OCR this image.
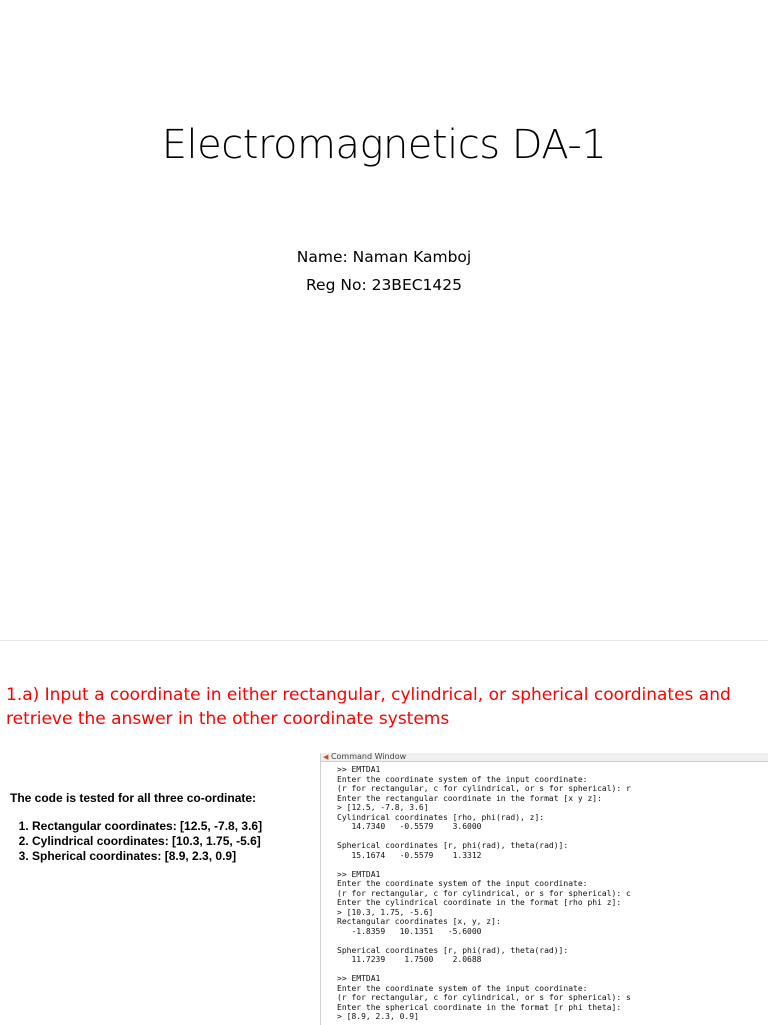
Electromagnetics DA-1
Name: Naman Kamboj
Reg No: 23BEC1425
1.a) Input a coordinate in either rectangular, cylindrical, or spherical coordinates and retrieve the answer in the other coordinate systems
The code is tested for all three co-ordinate:
1. Rectangular coordinates: [12.5, -7.8, 3.6]
2. Cylindrical coordinates: [10.3, 1.75, -5.6]
3. Spherical coordinates: [8.9, 2.3, 0.9]
◀ Command Window
>> EMTDA1
Enter the coordinate system of the input coordinate:
(r for rectangular, c for cylindrical, or s for spherical): r
Enter the rectangular coordinate in the format [x y z]:
> [12.5, -7.8, 3.6]
Cylindrical coordinates [rho, phi(rad), z]:
14.7340   -0.5579    3.6000
Spherical coordinates [r, phi(rad), theta(rad)]:
15.1674   -0.5579    1.3312
>> EMTDA1
Enter the coordinate system of the input coordinate:
(r for rectangular, c for cylindrical, or s for spherical): c
Enter the cylindrical coordinate in the format [rho phi z]:
> [10.3, 1.75, -5.6]
Rectangular coordinates [x, y, z]:
-1.8359   10.1351   -5.6000
Spherical coordinates [r, phi(rad), theta(rad)]:
11.7239    1.7500    2.0688
>> EMTDA1
Enter the coordinate system of the input coordinate:
(r for rectangular, c for cylindrical, or s for spherical): s
Enter the spherical coordinate in the format [r phi theta]:
> [8.9, 2.3, 0.9]
